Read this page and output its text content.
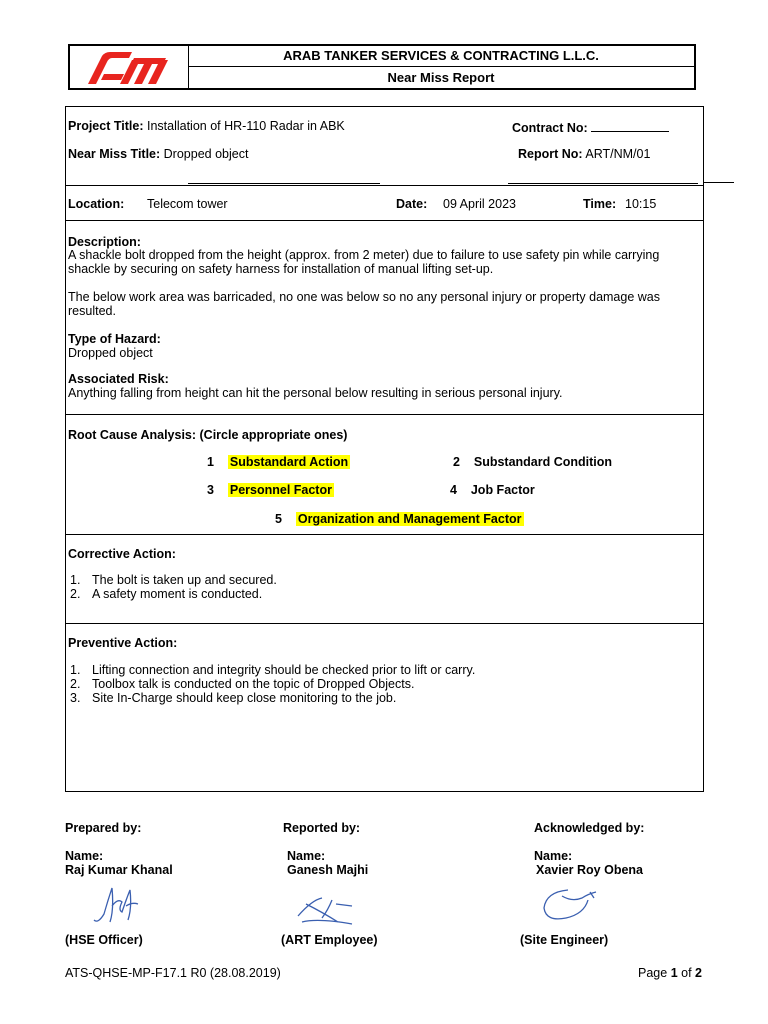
ARAB TANKER SERVICES & CONTRACTING L.L.C.
Near Miss Report
Project Title: Installation of HR-110 Radar in ABK	Contract No:
Near Miss Title: Dropped object	Report No: ART/NM/01
Location: Telecom tower	Date: 09 April 2023	Time: 10:15
Description:
A shackle bolt dropped from the height (approx. from 2 meter) due to failure to use safety pin while carrying shackle by securing on safety harness for installation of manual lifting set-up.
The below work area was barricaded, no one was below so no any personal injury or property damage was resulted.
Type of Hazard:
Dropped object
Associated Risk:
Anything falling from height can hit the personal below resulting in serious personal injury.
Root Cause Analysis: (Circle appropriate ones)
1 Substandard Action	2 Substandard Condition
3 Personnel Factor	4 Job Factor
5 Organization and Management Factor
Corrective Action:
1. The bolt is taken up and secured.
2. A safety moment is conducted.
Preventive Action:
1. Lifting connection and integrity should be checked prior to lift or carry.
2. Toolbox talk is conducted on the topic of Dropped Objects.
3. Site In-Charge should keep close monitoring to the job.
Prepared by:	Reported by:	Acknowledged by:
Name:	Name:	Name:
Raj Kumar Khanal	Ganesh Majhi	Xavier Roy Obena
(HSE Officer)	(ART Employee)	(Site Engineer)
ATS-QHSE-MP-F17.1 R0 (28.08.2019)	Page 1 of 2
